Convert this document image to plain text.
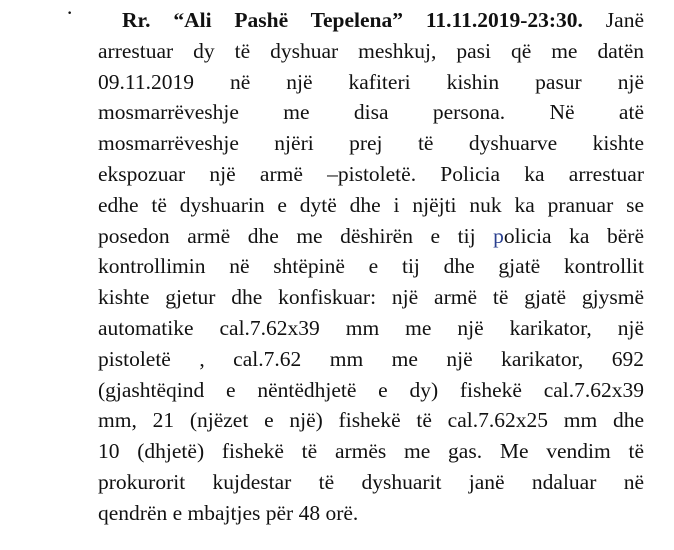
·	Rr. “Ali Pashë Tepelena” 11.11.2019-23:30. Janë
arrestuar dy të dyshuar meshkuj, pasi që me datën
09.11.2019 në një kafiteri kishin pasur një
mosmarrëveshje me disa persona. Në atë
mosmarrëveshje njëri prej të dyshuarve kishte
ekspozuar një armë –pistoletë. Policia ka arrestuar
edhe të dyshuarin e dytë dhe i njëjti nuk ka pranuar se
posedon armë dhe me dëshirën e tij policia ka bërë
kontrollimin në shtëpinë e tij dhe gjatë kontrollit
kishte gjetur dhe konfiskuar: një armë të gjatë gjysmë
automatike cal.7.62x39 mm me një karikator, një
pistoletë , cal.7.62 mm me një karikator, 692
(gjashtëqind e nëntëdhjetë e dy) fishekë cal.7.62x39
mm, 21 (njëzet e një) fishekë të cal.7.62x25 mm dhe
10 (dhjetë) fishekë të armës me gas. Me vendim të
prokurorit kujdestar të dyshuarit janë ndaluar në
qendrën e mbajtjes për 48 orë.
